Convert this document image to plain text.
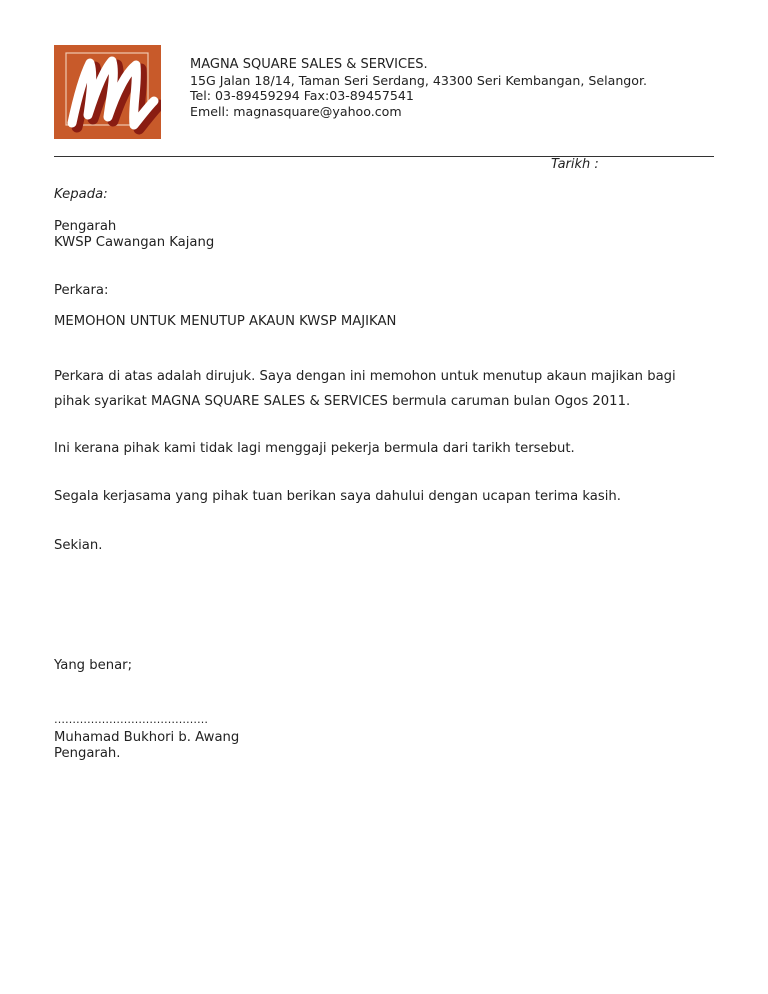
MAGNA SQUARE SALES & SERVICES.
15G Jalan 18/14, Taman Seri Serdang, 43300 Seri Kembangan, Selangor.
Tel: 03-89459294 Fax:03-89457541
Emell: magnasquare@yahoo.com
Tarikh :
Kepada:
Pengarah
KWSP Cawangan Kajang
Perkara:
MEMOHON UNTUK MENUTUP AKAUN KWSP MAJIKAN
Perkara di atas adalah dirujuk. Saya dengan ini memohon untuk menutup akaun majikan bagi
pihak syarikat MAGNA SQUARE SALES & SERVICES bermula caruman bulan Ogos 2011.
Ini kerana pihak kami tidak lagi menggaji pekerja bermula dari tarikh tersebut.
Segala kerjasama yang pihak tuan berikan saya dahului dengan ucapan terima kasih.
Sekian.
Yang benar;
……………………………………
Muhamad Bukhori b. Awang
Pengarah.
